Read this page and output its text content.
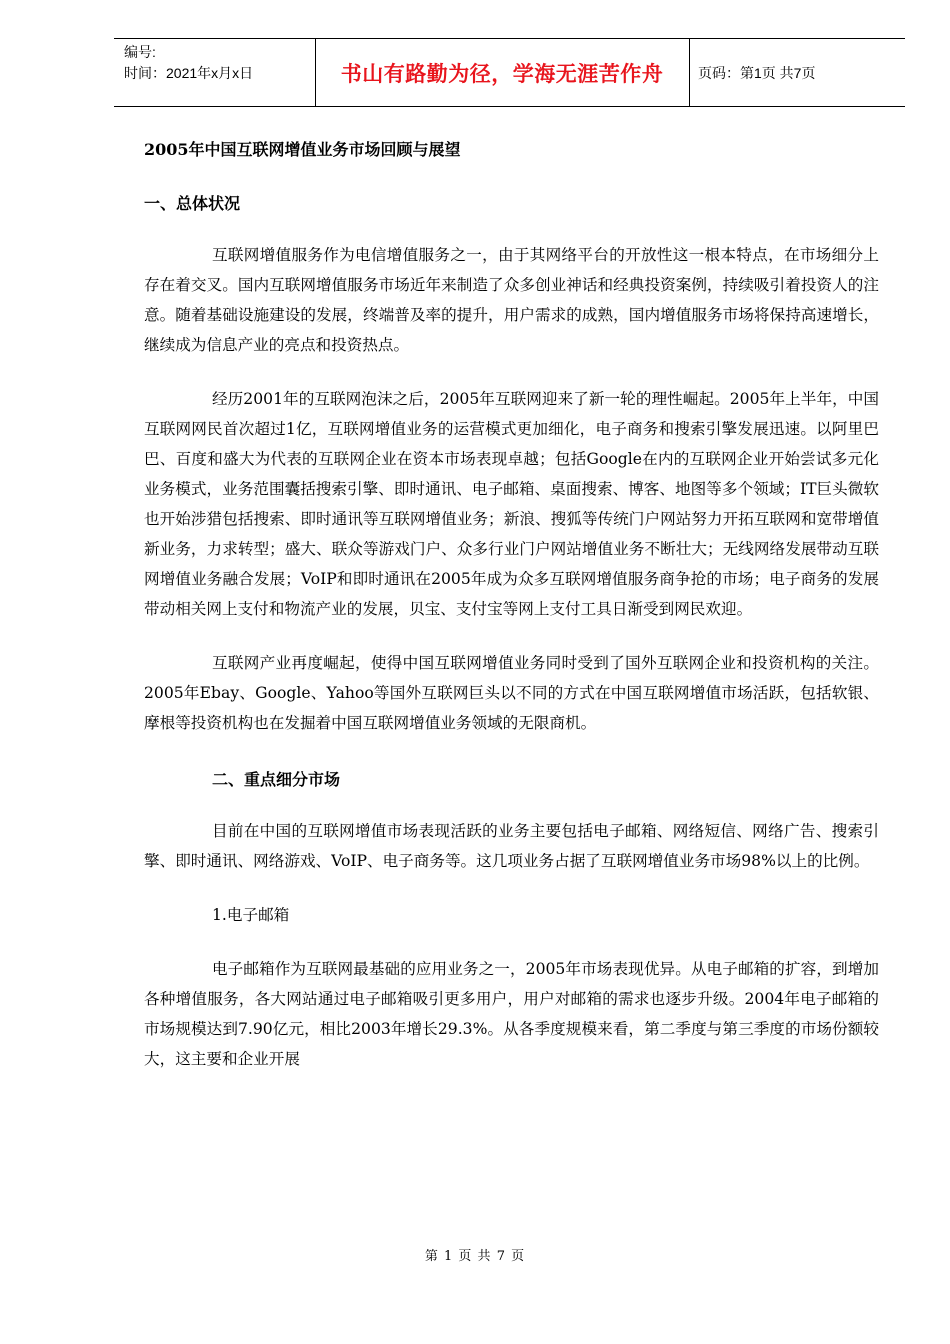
编号:
时间：2021年x月x日	书山有路勤为径，学海无涯苦作舟	页码：第1页 共7页
2005年中国互联网增值业务市场回顾与展望
一、总体状况

互联网增值服务作为电信增值服务之一，由于其网络平台的开放性这一根本特点，在市场细分上存在着交叉。国内互联网增值服务市场近年来制造了众多创业神话和经典投资案例，持续吸引着投资人的注意。随着基础设施建设的发展，终端普及率的提升，用户需求的成熟，国内增值服务市场将保持高速增长，继续成为信息产业的亮点和投资热点。

经历2001年的互联网泡沫之后，2005年互联网迎来了新一轮的理性崛起。2005年上半年，中国互联网网民首次超过1亿，互联网增值业务的运营模式更加细化，电子商务和搜索引擎发展迅速。以阿里巴巴、百度和盛大为代表的互联网企业在资本市场表现卓越；包括Google在内的互联网企业开始尝试多元化业务模式，业务范围囊括搜索引擎、即时通讯、电子邮箱、桌面搜索、博客、地图等多个领域；IT巨头微软也开始涉猎包括搜索、即时通讯等互联网增值业务；新浪、搜狐等传统门户网站努力开拓互联网和宽带增值新业务，力求转型；盛大、联众等游戏门户、众多行业门户网站增值业务不断壮大；无线网络发展带动互联网增值业务融合发展；VoIP和即时通讯在2005年成为众多互联网增值服务商争抢的市场；电子商务的发展带动相关网上支付和物流产业的发展，贝宝、支付宝等网上支付工具日渐受到网民欢迎。

互联网产业再度崛起，使得中国互联网增值业务同时受到了国外互联网企业和投资机构的关注。2005年Ebay、Google、Yahoo等国外互联网巨头以不同的方式在中国互联网增值市场活跃，包括软银、摩根等投资机构也在发掘着中国互联网增值业务领域的无限商机。

二、重点细分市场

目前在中国的互联网增值市场表现活跃的业务主要包括电子邮箱、网络短信、网络广告、搜索引擎、即时通讯、网络游戏、VoIP、电子商务等。这几项业务占据了互联网增值业务市场98%以上的比例。

1.电子邮箱

电子邮箱作为互联网最基础的应用业务之一，2005年市场表现优异。从电子邮箱的扩容，到增加各种增值服务，各大网站通过电子邮箱吸引更多用户，用户对邮箱的需求也逐步升级。2004年电子邮箱的市场规模达到7.90亿元，相比2003年增长29.3%。从各季度规模来看，第二季度与第三季度的市场份额较大，这主要和企业开展

第 1 页 共 7 页
